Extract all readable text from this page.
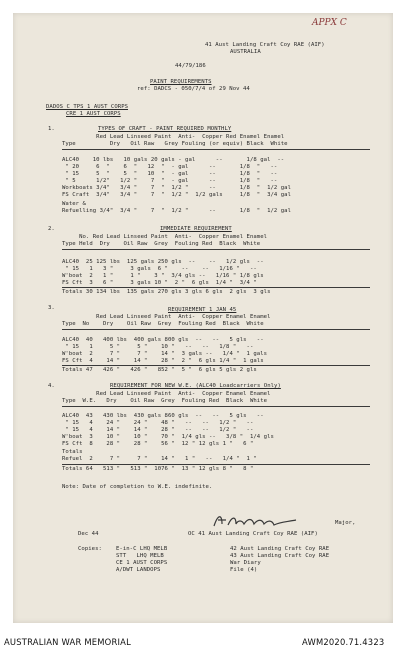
APPX C
41 Aust Landing Craft Coy RAE (AIF)
AUSTRALIA
44/79/186
PAINT REQUIREMENTS
ref: DADCS - 050/7/4 of 29 Nov 44
DADOS C TPS 1 AUST CORPS
CRE 1 AUST CORPS
1.	TYPES OF CRAFT - PAINT REQUIRED MONTHLY
Red Lead Linseed Paint  Anti-  Copper Red Enamel Enamel
Type          Dry   Oil Raw   Grey Fouling (or equiv) Black  White
ALC40    10 lbs   10 gals 20 gals - gal      --       1/8 gal  --
" 20     6  "    6  "   12  "  - gal      --       1/8  "   --
" 15     5  "    5  "   10  "  - gal      --       1/8  "   --
" 5      1/2"   1/2 "    7  "  - gal      --       1/8  "   --
Workboats 3/4"   3/4 "    7  "  1/2 "      --       1/8  "  1/2 gal
FS Craft  3/4"   3/4 "    7  "  1/2 "  1/2 gals     1/8  "  3/4 gal
Water &
Refuelling 3/4"  3/4 "    7  "  1/2 "      --       1/8  "  1/2 gal
2.	IMMEDIATE REQUIREMENT
No. Red Lead Linseed Paint  Anti-  Copper Enamel Enamel
Type Held  Dry    Oil Raw  Grey  Fouling Red  Black  White
ALC40  25 125 lbs  125 gals 250 gls  --    --   1/2 gls  --
" 15   1   3 "     3 gals  6 "    --    --   1/16 "   --
W'boat  2   1 "     1 "    3 "  3/4 gls --   1/16 " 1/8 gls
FS Cft  3   6 "     3 gals 10 "  2 "  6 gls  1/4 "  3/4 "
Totals 30 134 lbs  135 gals 270 gls 3 gls 6 gls  2 gls  3 gls
3.	REQUIREMENT 1 JAN 45
Red Lead Linseed Paint  Anti-  Copper Enamel Enamel
Type  No    Dry    Oil Raw  Grey  Fouling Red  Black  White
ALC40  40   400 lbs  400 gals 800 gls  --   --   5 gls   --
" 15   1     5 "     5 "    10 "   --   --   1/8 "   --
W'boat  2     7 "     7 "    14 "  3 gals --   1/4 "  1 gals
FS Cft  4    14 "    14 "    28 "  2 "  6 gls 1/4 "  1 gals
Totals 47   426 "   426 "   852 "  5 "  6 gls 5 gls 2 gls
4.	REQUIREMENT FOR NEW W.E. (ALC40 Loadcarriers Only)
Red Lead Linseed Paint  Anti-  Copper Enamel Enamel
Type  W.E.   Dry    Oil Raw  Grey  Fouling Red  Black  White
ALC40  43   430 lbs  430 gals 860 gls  --   --   5 gls   --
" 15   4    24 "    24 "    48 "   --   --   1/2 "   --
" 15   4    14 "    14 "    28 "   --   --   1/2 "   --
W'boat  3    10 "    10 "    70 "  1/4 gls --   3/8 "  1/4 gls
FS Cft  8    28 "    28 "    56 "  12 " 12 gls 1 "   6 "
Totals
Refuel  2     7 "     7 "    14 "   1 "   --   1/4 "  1 "
Totals 64   513 "   513 "  1076 "  13 " 12 gls 8 "   8 "
Note: Date of completion to W.E. indefinite.
Major,
Dec 44	OC 41 Aust Landing Craft Coy RAE (AIF)
Copies:	E-in-C LHQ MELB
STT   LHQ MELB
CE 1 AUST CORPS
A/DWT LANDOPS
42 Aust Landing Craft Coy RAE
43 Aust Landing Craft Coy RAE
War Diary
File (4)
AUSTRALIAN WAR MEMORIAL	AWM2020.71.4323
